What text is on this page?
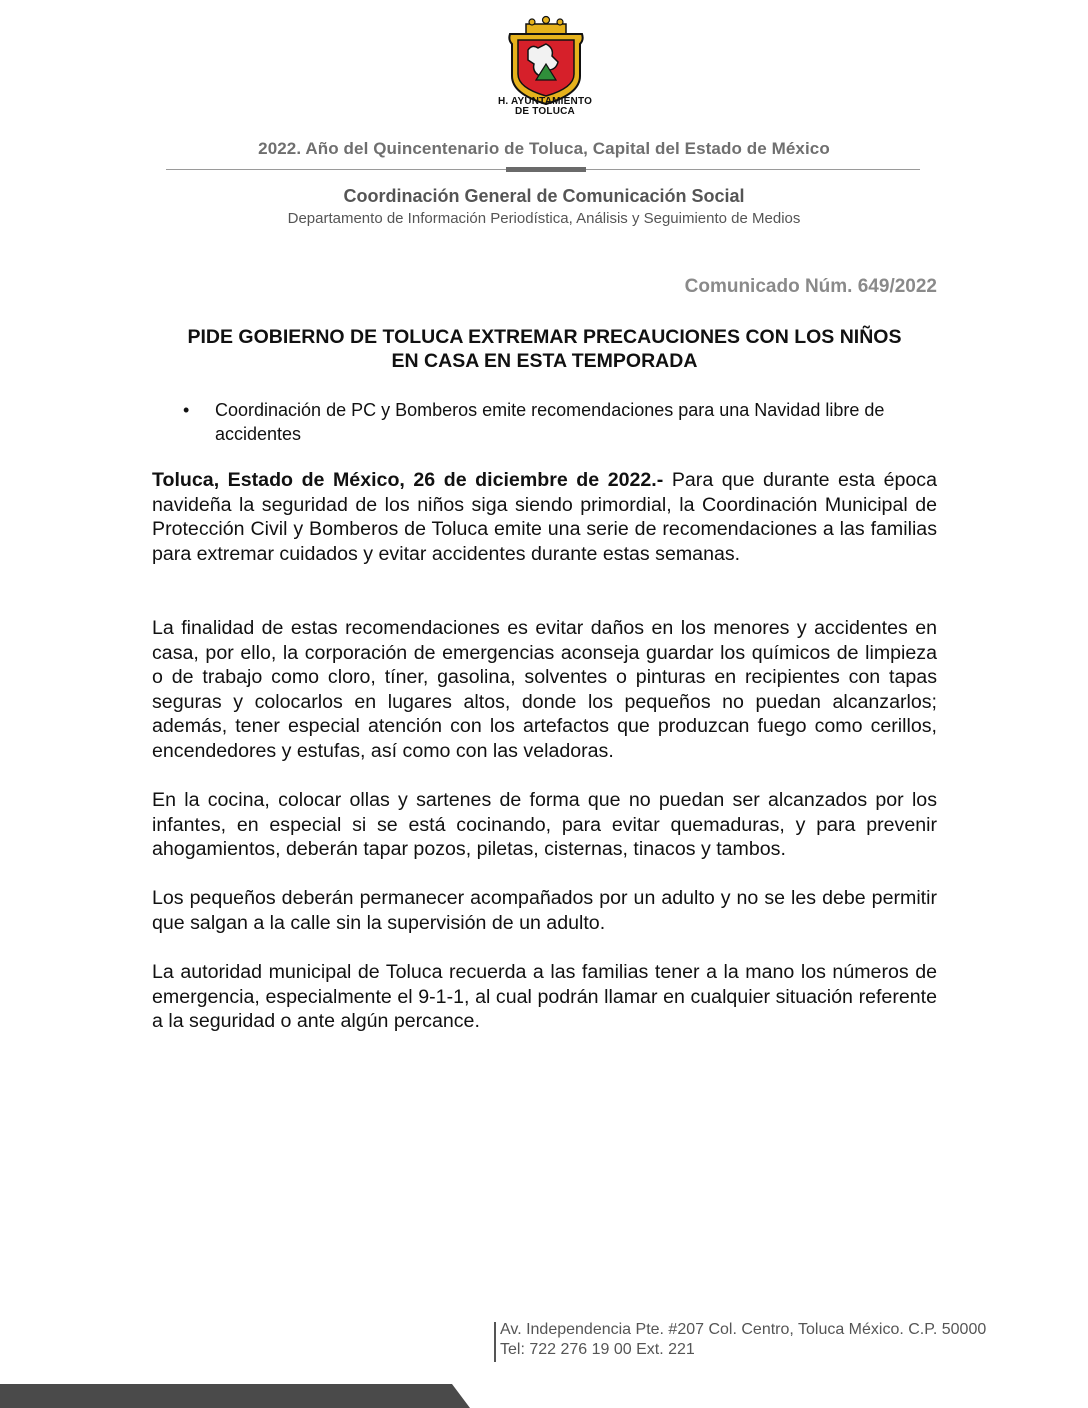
H. AYUNTAMIENTO
DE TOLUCA
2022. Año del Quincentenario de Toluca, Capital del Estado de México
Coordinación General de Comunicación Social
Departamento de Información Periodística, Análisis y Seguimiento de Medios
Comunicado Núm. 649/2022
PIDE GOBIERNO DE TOLUCA EXTREMAR PRECAUCIONES CON LOS NIÑOS
EN CASA EN ESTA TEMPORADA
• Coordinación de PC y Bomberos emite recomendaciones para una Navidad libre de accidentes

Toluca, Estado de México, 26 de diciembre de 2022.- Para que durante esta época navideña la seguridad de los niños siga siendo primordial, la Coordinación Municipal de Protección Civil y Bomberos de Toluca emite una serie de recomendaciones a las familias para extremar cuidados y evitar accidentes durante estas semanas.

La finalidad de estas recomendaciones es evitar daños en los menores y accidentes en casa, por ello, la corporación de emergencias aconseja guardar los químicos de limpieza o de trabajo como cloro, tíner, gasolina, solventes o pinturas en recipientes con tapas seguras y colocarlos en lugares altos, donde los pequeños no puedan alcanzarlos; además, tener especial atención con los artefactos que produzcan fuego como cerillos, encendedores y estufas, así como con las veladoras.

En la cocina, colocar ollas y sartenes de forma que no puedan ser alcanzados por los infantes, en especial si se está cocinando, para evitar quemaduras, y para prevenir ahogamientos, deberán tapar pozos, piletas, cisternas, tinacos y tambos.

Los pequeños deberán permanecer acompañados por un adulto y no se les debe permitir que salgan a la calle sin la supervisión de un adulto.

La autoridad municipal de Toluca recuerda a las familias tener a la mano los números de emergencia, especialmente el 9-1-1, al cual podrán llamar en cualquier situación referente a la seguridad o ante algún percance.

Av. Independencia Pte. #207 Col. Centro, Toluca México. C.P. 50000
Tel: 722 276 19 00 Ext. 221
